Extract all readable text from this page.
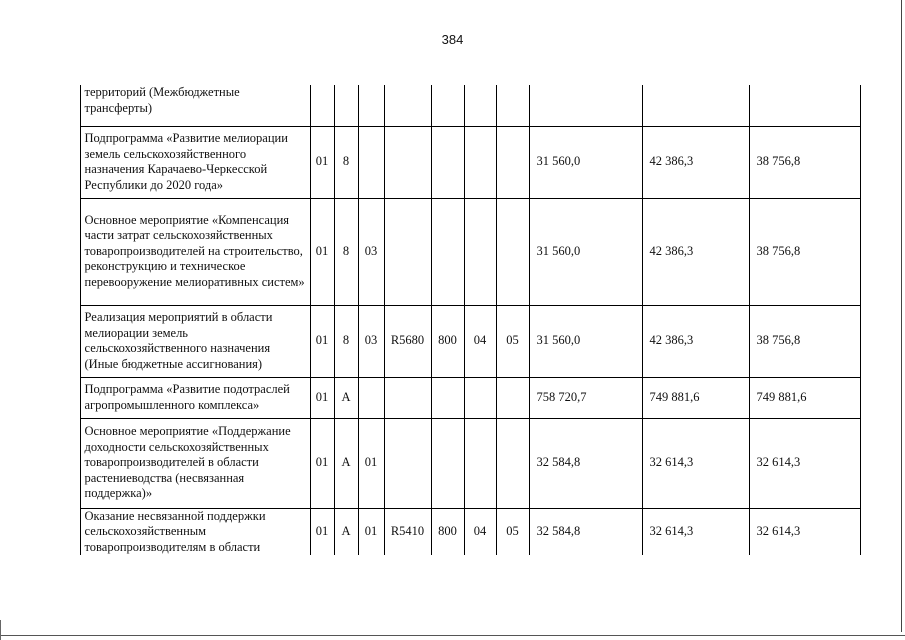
384
	территорий (Межбюджетные трансферты)										
	Подпрограмма «Развитие мелиорации земель сельскохозяйственного назначения Карачаево-Черкесской Республики до 2020 года»	01	8						31 560,0	42 386,3	38 756,8
	Основное мероприятие «Компенсация части затрат сельскохозяйственных товаропроизводителей на строительство, реконструкцию и техническое перевооружение мелиоративных систем»	01	8	03					31 560,0	42 386,3	38 756,8
	Реализация мероприятий в области мелиорации земель сельскохозяйственного назначения (Иные бюджетные ассигнования)	01	8	03	R5680	800	04	05	31 560,0	42 386,3	38 756,8
	Подпрограмма «Развитие подотраслей агропромышленного комплекса»	01	А						758 720,7	749 881,6	749 881,6
	Основное мероприятие «Поддержание доходности сельскохозяйственных товаропроизводителей в области растениеводства (несвязанная поддержка)»	01	А	01					32 584,8	32 614,3	32 614,3
	Оказание несвязанной поддержки сельскохозяйственным товаропроизводителям в области	01	А	01	R5410	800	04	05	32 584,8	32 614,3	32 614,3
